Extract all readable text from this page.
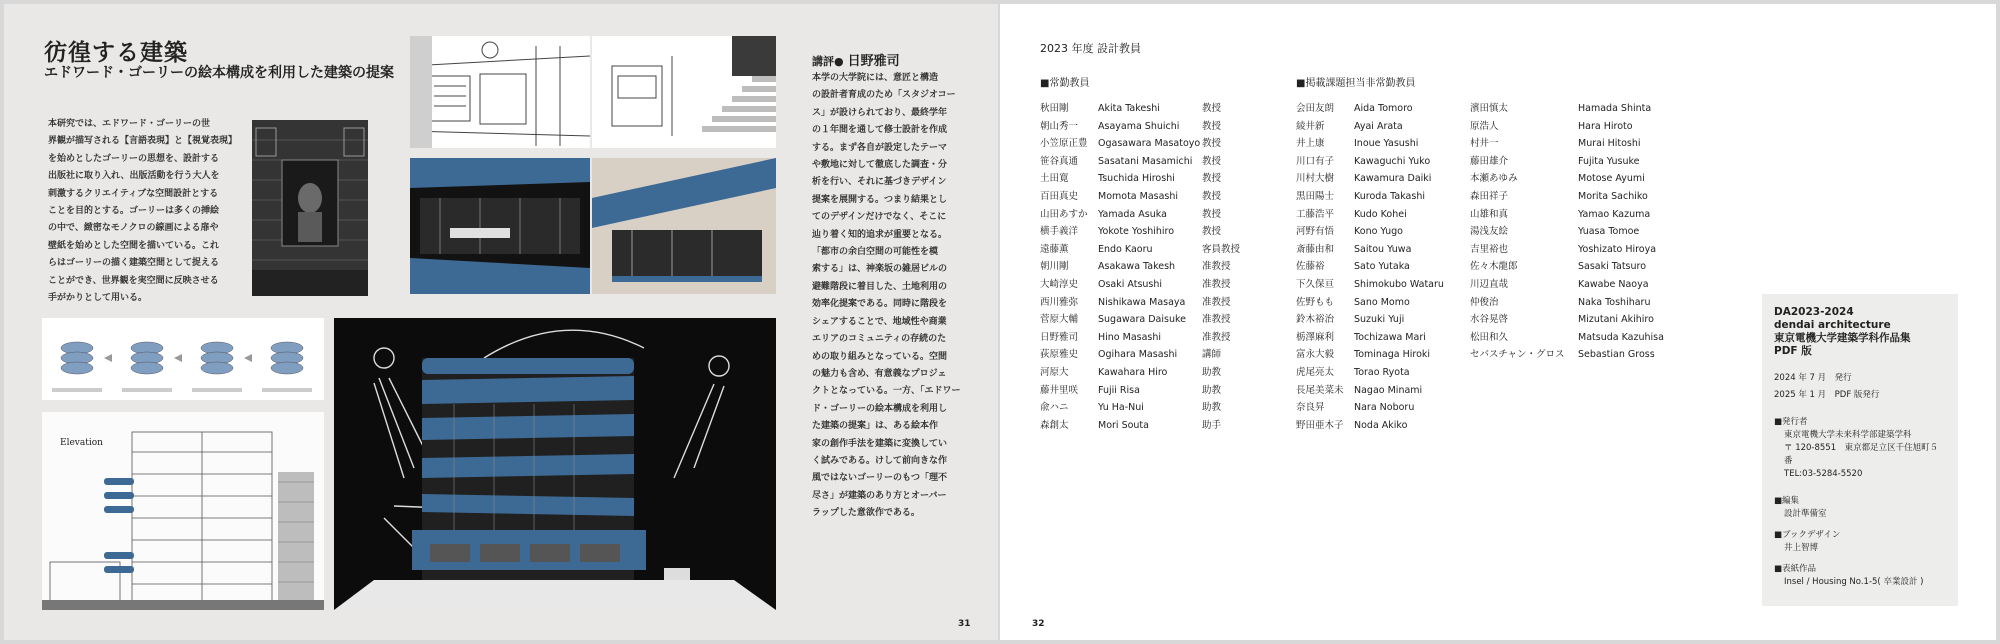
彷徨する建築
エドワード・ゴーリーの絵本構成を利用した建築の提案
本研究では、エドワード・ゴーリーの世
界観が描写される【言語表現】と【視覚表現】
を始めとしたゴーリーの思想を、設計する
出版社に取り入れ、出版活動を行う大人を
刺激するクリエイティブな空間設計とする
ことを目的とする。ゴーリーは多くの挿絵
の中で、緻密なモノクロの線画による扉や
壁紙を始めとした空間を描いている。これ
らはゴーリーの描く建築空間として捉える
ことができ、世界観を実空間に反映させる
手がかりとして用いる。
Elevation
講評● 日野雅司
本学の大学院には、意匠と構造
の設計者育成のため「スタジオコー
ス」が設けられており、最終学年
の１年間を通して修士設計を作成
する。まず各自が設定したテーマ
や敷地に対して徹底した調査・分
析を行い、それに基づきデザイン
提案を展開する。つまり結果とし
てのデザインだけでなく、そこに
辿り着く知的追求が重要となる。
「都市の余白空間の可能性を模
索する」は、神楽坂の雑居ビルの
避難階段に着目した、土地利用の
効率化提案である。同時に階段を
シェアすることで、地域性や商業
エリアのコミュニティの存続のた
めの取り組みとなっている。空間
の魅力も含め、有意義なプロジェ
クトとなっている。一方、「エドワー
ド・ゴーリーの絵本構成を利用し
た建築の提案」は、ある絵本作
家の創作手法を建築に変換してい
く試みである。けして前向きな作
風ではないゴーリーのもつ「理不
尽さ」が建築のあり方とオーバー
ラップした意欲作である。
31
2023 年度 設計教員
■常勤教員	■掲載課題担当非常勤教員
秋田剛	Akita Takeshi	教授
朝山秀一	Asayama Shuichi	教授
小笠原正豊	Ogasawara Masatoyo 教授
笹谷真通	Sasatani Masamichi	教授
土田寛	Tsuchida Hiroshi	教授
百田真史	Momota Masashi	教授
山田あすか	Yamada Asuka	教授
横手義洋	Yokote Yoshihiro	教授
遠藤薫	Endo Kaoru	客員教授
朝川剛	Asakawa Takesh	准教授
大崎淳史	Osaki Atsushi	准教授
西川雅弥	Nishikawa Masaya	准教授
菅原大輔	Sugawara Daisuke	准教授
日野雅司	Hino Masashi	准教授
荻原雅史	Ogihara Masashi	講師
河原大	Kawahara Hiro	助教
藤井里咲	Fujii Risa	助教
兪ハニ	Yu Ha-Nui	助教
森創太	Mori Souta	助手
会田友朗	Aida Tomoro
綾井新	Ayai Arata
井上康	Inoue Yasushi
川口有子	Kawaguchi Yuko
川村大樹	Kawamura Daiki
黒田陽士	Kuroda Takashi
工藤浩平	Kudo Kohei
河野有悟	Kono Yugo
斎藤由和	Saitou Yuwa
佐藤裕	Sato Yutaka
下久保亘	Shimokubo Wataru
佐野もも	Sano Momo
鈴木裕治	Suzuki Yuji
栃澤麻利	Tochizawa Mari
富永大毅	Tominaga Hiroki
虎尾亮太	Torao Ryota
長尾美菜未	Nagao Minami
奈良昇	Nara Noboru
野田亜木子	Noda Akiko
濱田慎太	Hamada Shinta
原浩人	Hara Hiroto
村井一	Murai Hitoshi
藤田雄介	Fujita Yusuke
本瀬あゆみ	Motose Ayumi
森田祥子	Morita Sachiko
山雄和真	Yamao Kazuma
湯浅友絵	Yuasa Tomoe
吉里裕也	Yoshizato Hiroya
佐々木龍郎	Sasaki Tatsuro
川辺直哉	Kawabe Naoya
仲俊治	Naka Toshiharu
水谷晃啓	Mizutani Akihiro
松田和久	Matsuda Kazuhisa
セバスチャン・グロス	Sebastian Gross
DA2023-2024
dendai architecture
東京電機大学建築学科作品集
PDF 版
2024 年 7 月　発行
2025 年 1 月　PDF 版発行
■発行者
東京電機大学未来科学部建築学科
〒 120-8551　東京都足立区千住旭町５番
TEL:03-5284-5520
■編集
設計準備室
■ブックデザイン
井上智博
■表紙作品
Insel / Housing No.1-5( 卒業設計 )
32
